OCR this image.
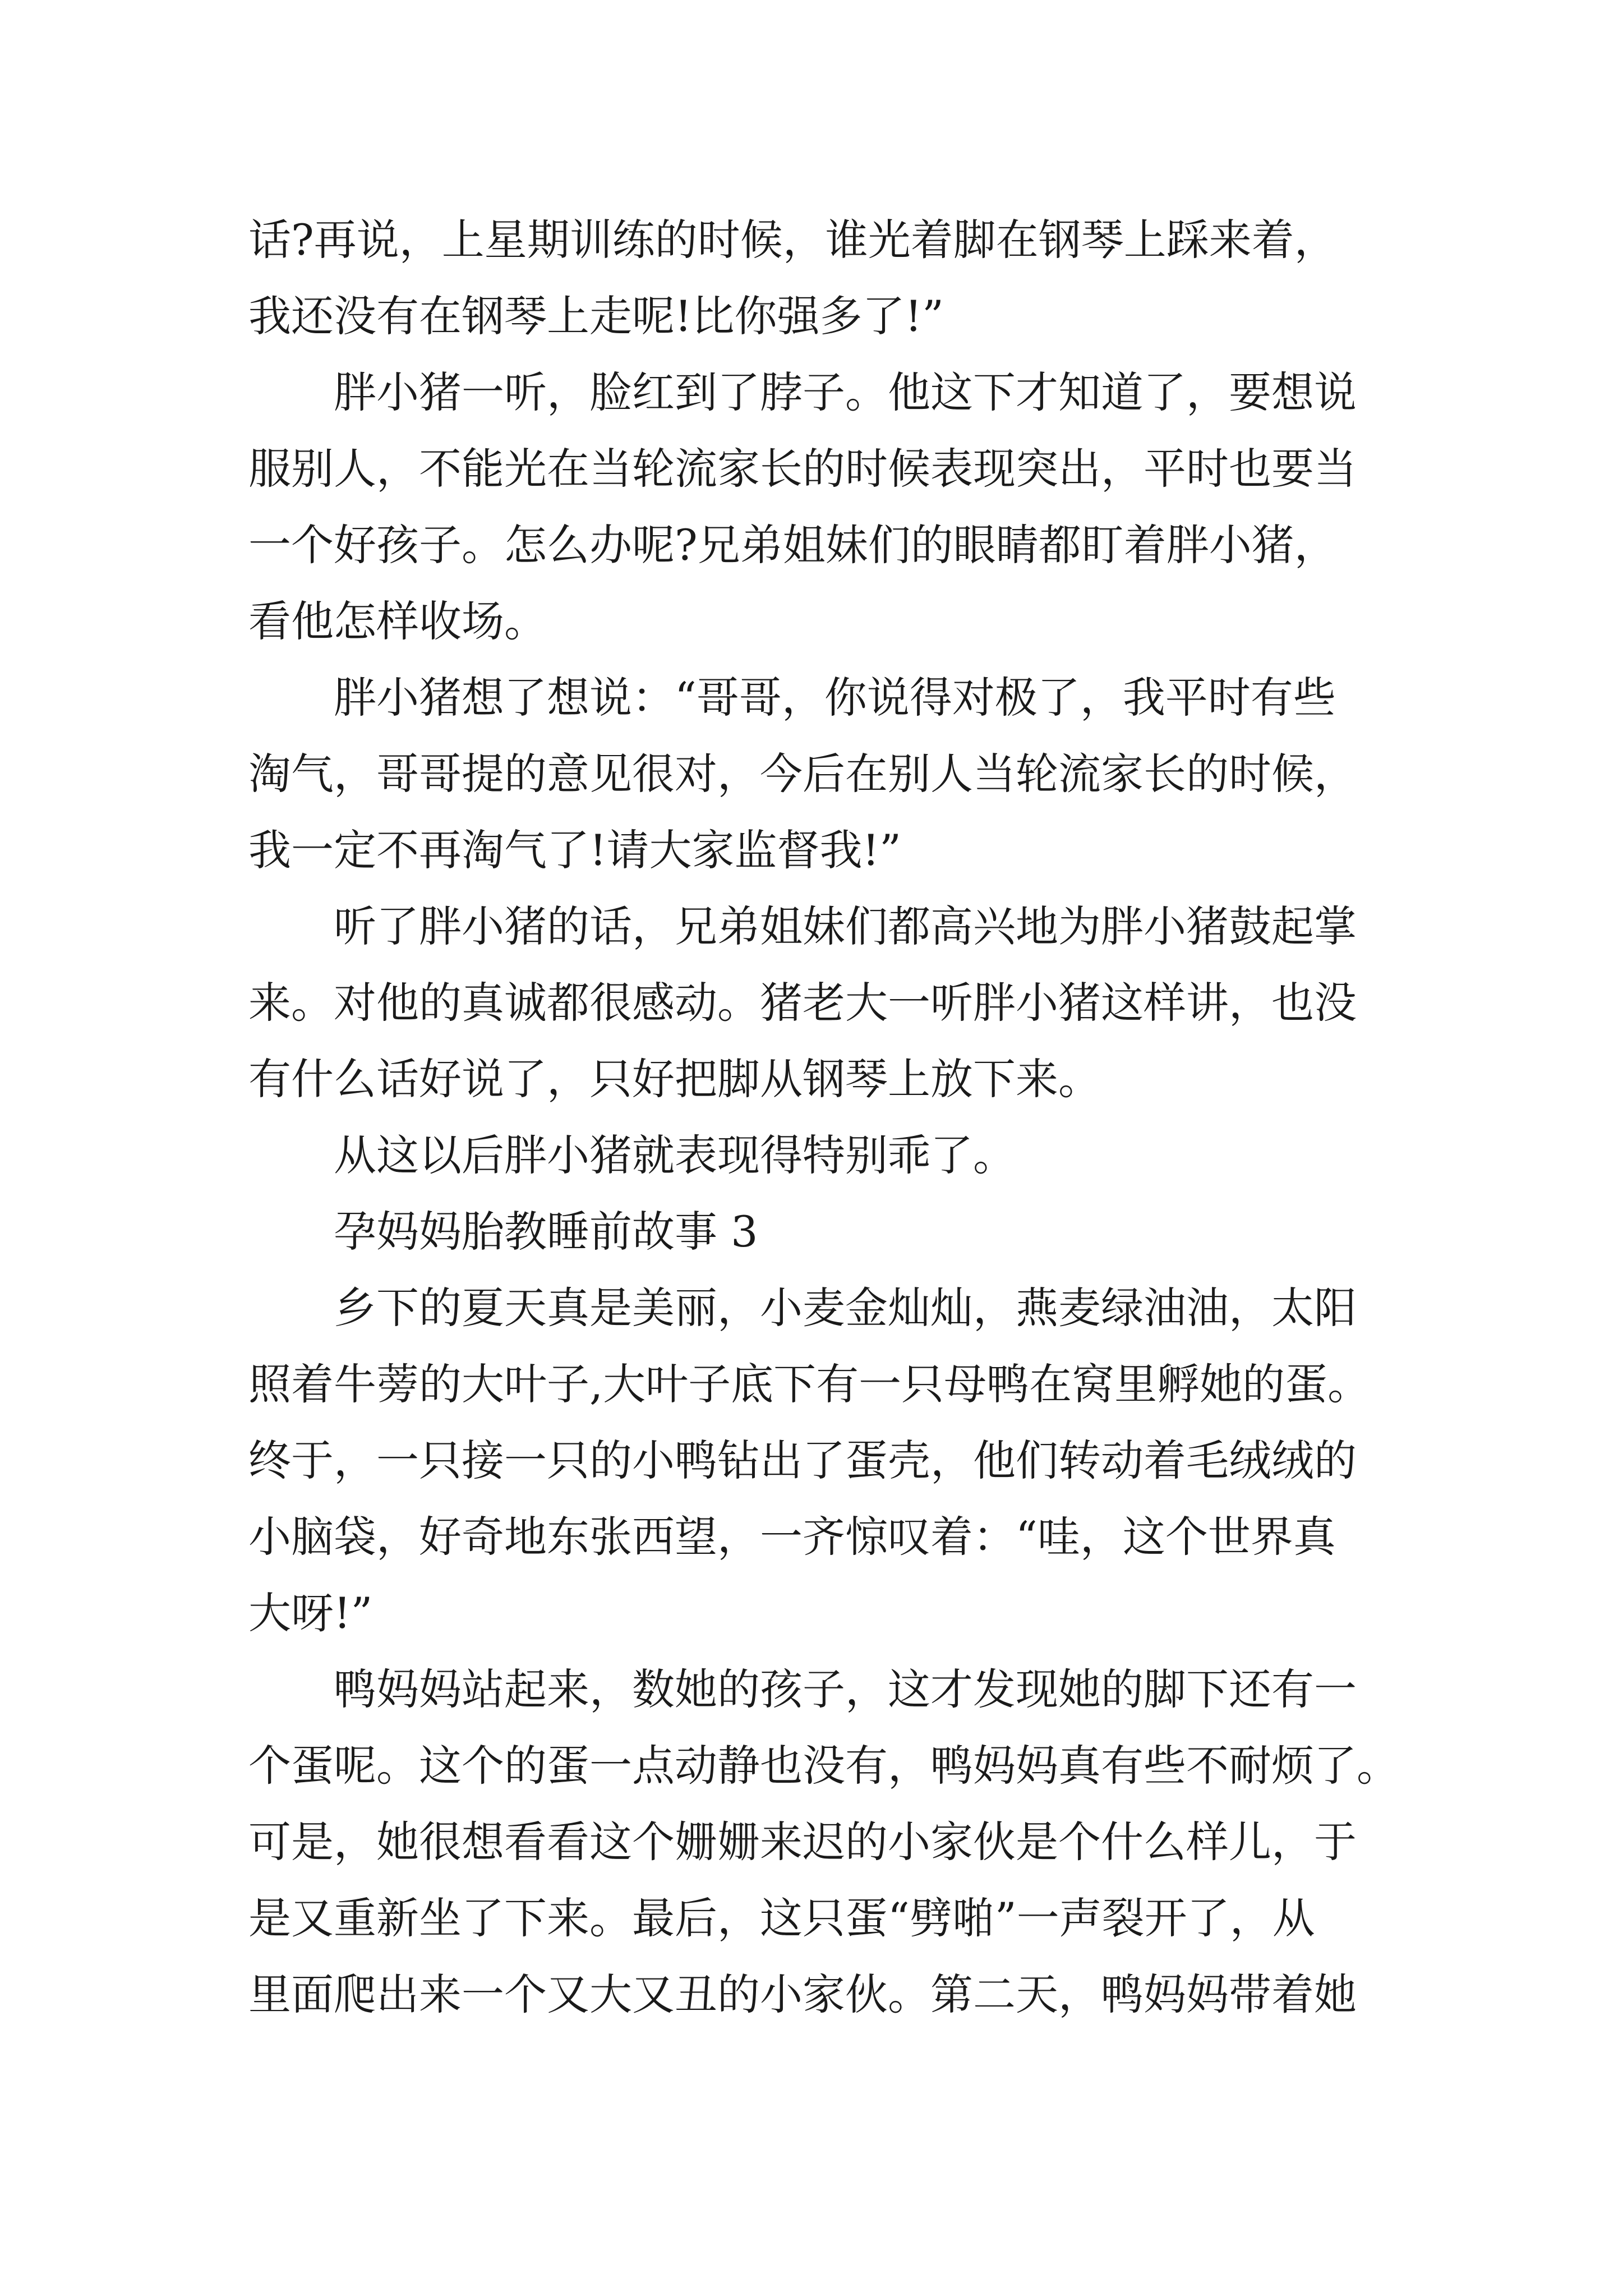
话?再说，上星期训练的时候，谁光着脚在钢琴上踩来着，
我还没有在钢琴上走呢!比你强多了!”
胖小猪一听，脸红到了脖子。他这下才知道了，要想说
服别人，不能光在当轮流家长的时候表现突出，平时也要当
一个好孩子。怎么办呢?兄弟姐妹们的眼睛都盯着胖小猪，
看他怎样收场。
胖小猪想了想说：“哥哥，你说得对极了，我平时有些
淘气，哥哥提的意见很对，今后在别人当轮流家长的时候，
我一定不再淘气了!请大家监督我!”
听了胖小猪的话，兄弟姐妹们都高兴地为胖小猪鼓起掌
来。对他的真诚都很感动。猪老大一听胖小猪这样讲，也没
有什么话好说了，只好把脚从钢琴上放下来。
从这以后胖小猪就表现得特别乖了。
孕妈妈胎教睡前故事 3
乡下的夏天真是美丽，小麦金灿灿，燕麦绿油油，太阳
照着牛蒡的大叶子,大叶子底下有一只母鸭在窝里孵她的蛋。
终于，一只接一只的小鸭钻出了蛋壳，他们转动着毛绒绒的
小脑袋，好奇地东张西望，一齐惊叹着：“哇，这个世界真
大呀!”
鸭妈妈站起来，数她的孩子，这才发现她的脚下还有一
个蛋呢。这个的蛋一点动静也没有，鸭妈妈真有些不耐烦了。
可是，她很想看看这个姗姗来迟的小家伙是个什么样儿，于
是又重新坐了下来。最后，这只蛋“劈啪”一声裂开了，从
里面爬出来一个又大又丑的小家伙。第二天，鸭妈妈带着她
